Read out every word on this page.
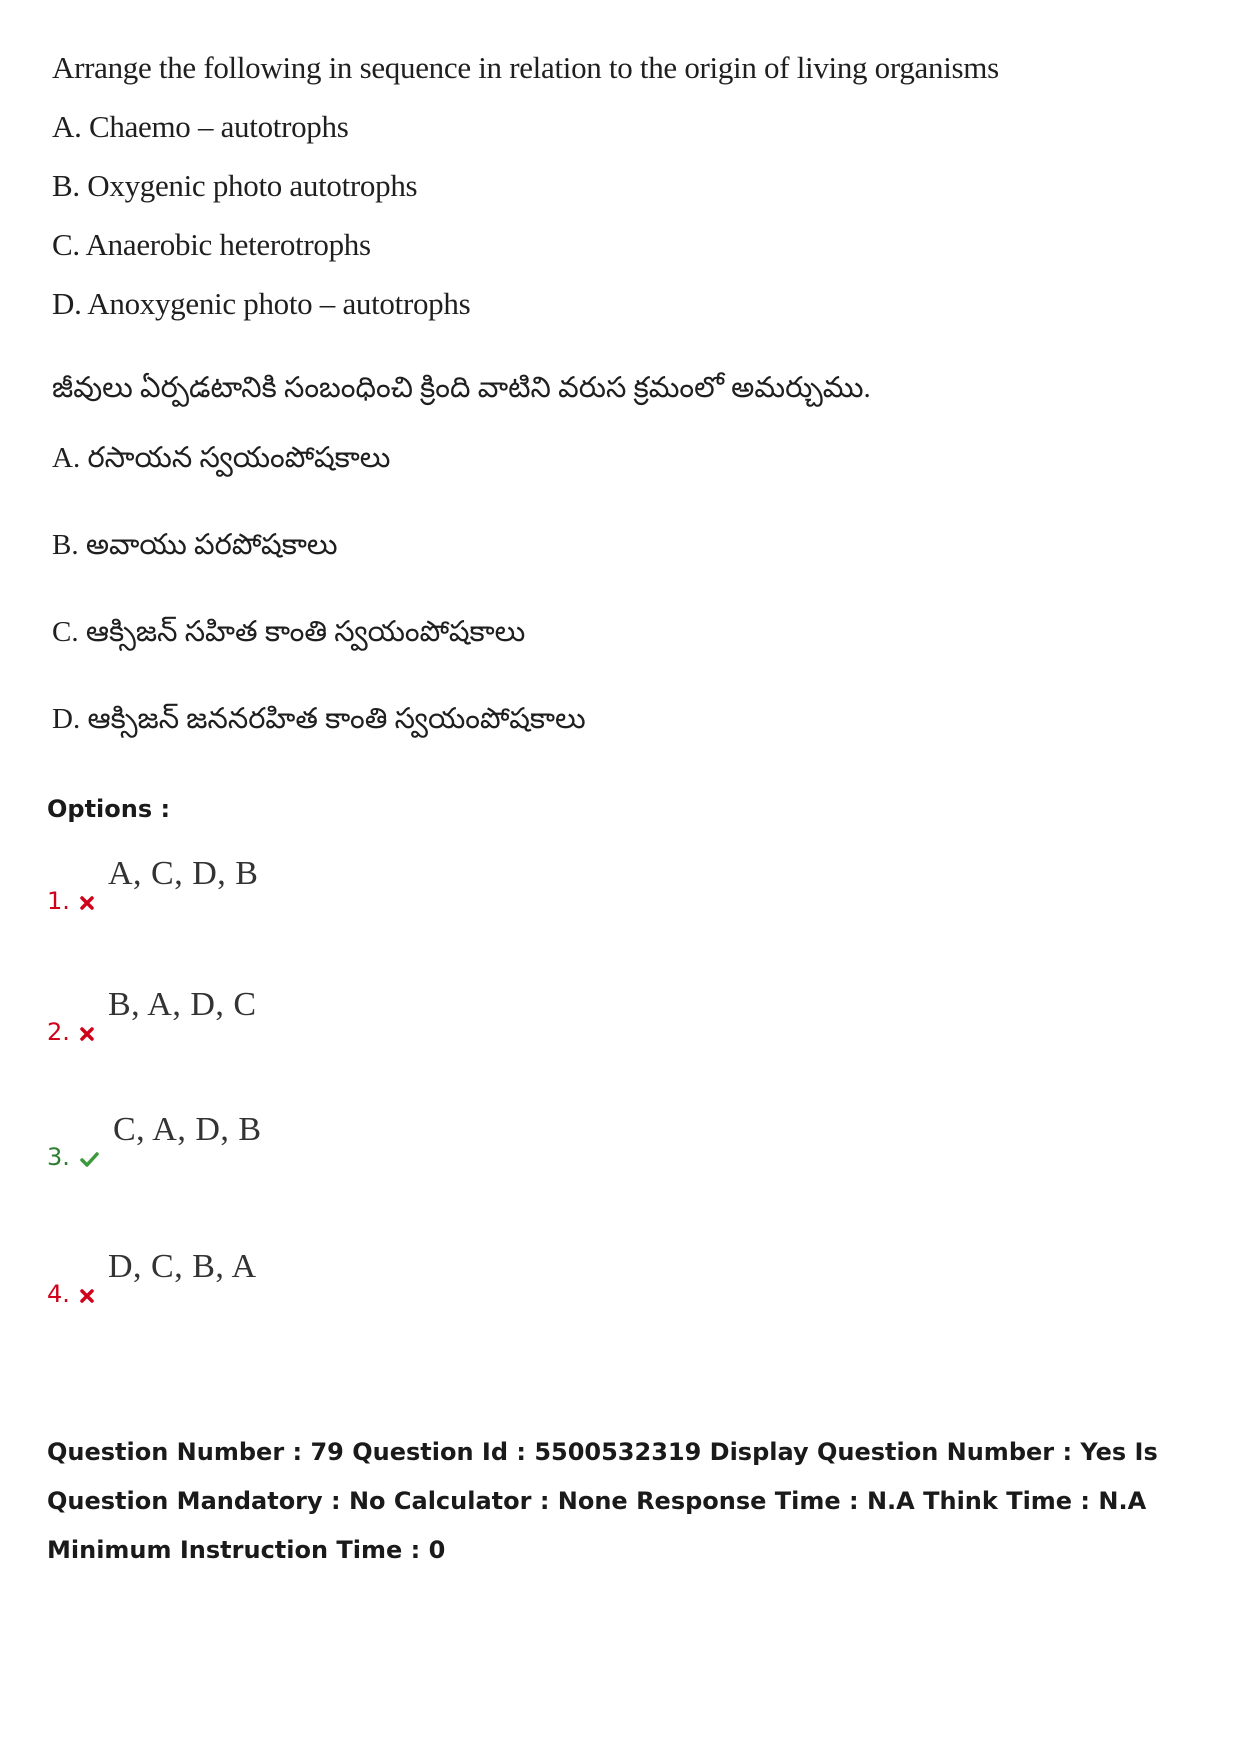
Arrange the following in sequence in relation to the origin of living organisms
A. Chaemo – autotrophs
B. Oxygenic photo autotrophs
C. Anaerobic heterotrophs
D. Anoxygenic photo – autotrophs
జీవులు ఏర్పడటానికి సంబంధించి క్రింది వాటిని వరుస క్రమంలో అమర్చుము.
A. రసాయన స్వయంపోషకాలు
B. అవాయు పరపోషకాలు
C. ఆక్సిజన్ సహిత కాంతి స్వయంపోషకాలు
D. ఆక్సిజన్ జననరహిత కాంతి స్వయంపోషకాలు
Options :
1.
A, C, D, B
2.
B, A, D, C
3.
C, A, D, B
4.
D, C, B, A
Question Number : 79 Question Id : 5500532319 Display Question Number : Yes Is Question Mandatory : No Calculator : None Response Time : N.A Think Time : N.A Minimum Instruction Time : 0
